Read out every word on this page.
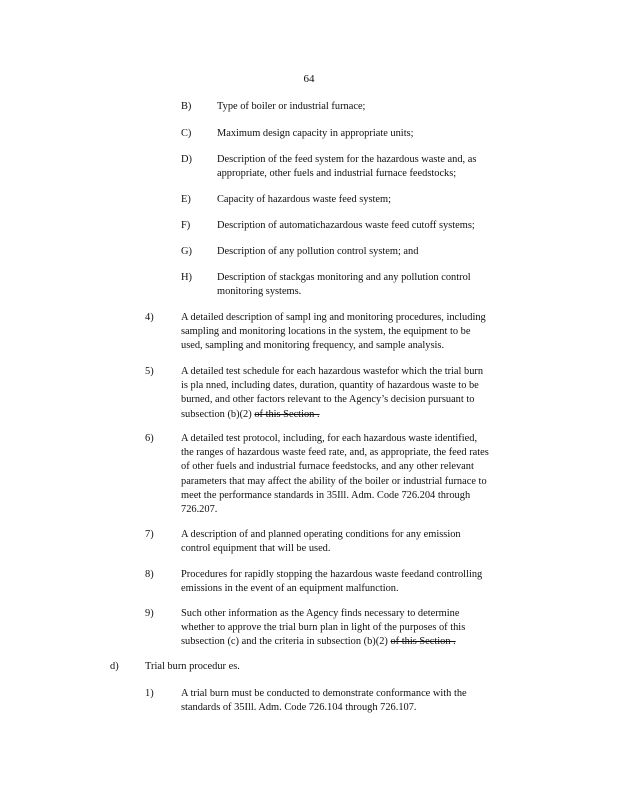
64
B) Type of boiler or industrial furnace;
C) Maximum design capacity in appropriate units;
D) Description of the feed system for the hazardous waste and, as
appropriate, other fuels and industrial furnace feedstocks;
E)	Capacity of hazardous waste feed system;
F)	Description of automatichazardous waste feed cutoff systems;
G) Description of any pollution control system; and
H) Description of stackgas monitoring and any pollution control
monitoring systems.
4)	A detailed description of sampl ing and monitoring procedures, including
sampling and monitoring locations in the system, the equipment to be
used, sampling and monitoring frequency, and sample analysis.
5)	A detailed test schedule for each hazardous wastefor which the trial burn
is pla nned, including dates, duration, quantity of hazardous waste to be
burned, and other factors relevant to the Agency’s decision pursuant to
subsection (b)(2) of this Section .
6)	A detailed test protocol, including, for each hazardous waste identified,
the ranges of hazardous waste feed rate, and, as appropriate, the feed rates
of other fuels and industrial furnace feedstocks, and any other relevant
parameters that may affect the ability of the boiler or industrial furnace to
meet the performance standards in 35Ill. Adm. Code 726.204 through
726.207.
7)	A description of and planned operating conditions for any emission
control equipment that will be used.
8)	Procedures for rapidly stopping the hazardous waste feedand controlling
emissions in the event of an equipment malfunction.
9)	Such other information as the Agency finds necessary to determine
whether to approve the trial burn plan in light of the purposes of this
subsection (c) and the criteria in subsection (b)(2) of this Section .
d)	Trial burn procedur es.
1)	A trial burn must be conducted to demonstrate conformance with the
standards of 35Ill. Adm. Code 726.104 through 726.107.
